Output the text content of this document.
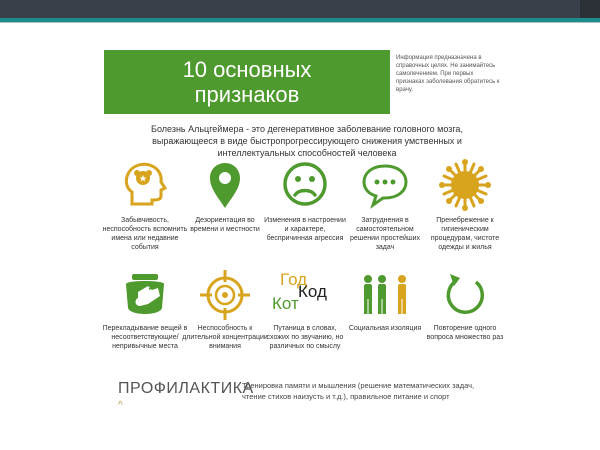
10 основных
признаков
Информация предназначена в справочных целях. Не занимайтесь самолечением. При первых признаках заболевания обратитесь к врачу.
Болезнь Альцгеймера - это дегенеративное заболевание головного мозга, выражающееся в виде быстропрогрессирующего снижения умственных и интеллектуальных способностей человека
Забывчивость, неспособность вспомнить имена или недавние события
Дезориентация во времени и местности
Изменения в настроении и характере, беспричинная агрессия
Затруднения в самостоятельном решении простейших задач
Пренебрежение к гигиеническим процедурам, чистоте одежды и жилья
Перекладывание вещей в несоответствующие/непривычные места
Неспособность к длительной концентрации внимания
Год
Код
Кот
Путаница в словах, схожих по звучанию, но различных по смыслу
Социальная изоляция	Повторение одного вопроса множество раз
ПРОФИЛАКТИКА
Тренировка памяти и мышления (решение математических задач, чтение стихов наизусть и т.д.), правильное питание и спорт
^
